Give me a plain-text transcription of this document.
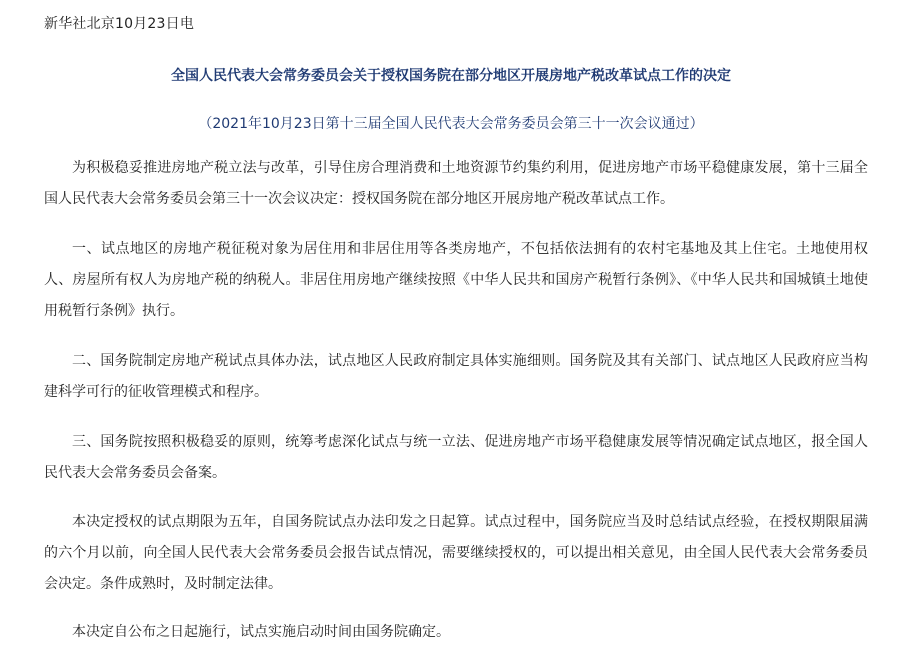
新华社北京10月23日电
全国人民代表大会常务委员会关于授权国务院在部分地区开展房地产税改革试点工作的决定
（2021年10月23日第十三届全国人民代表大会常务委员会第三十一次会议通过）

为积极稳妥推进房地产税立法与改革，引导住房合理消费和土地资源节约集约利用，促进房地产市场平稳健康发展，第十三届全国人民代表大会常务委员会第三十一次会议决定：授权国务院在部分地区开展房地产税改革试点工作。

一、试点地区的房地产税征税对象为居住用和非居住用等各类房地产，不包括依法拥有的农村宅基地及其上住宅。土地使用权人、房屋所有权人为房地产税的纳税人。非居住用房地产继续按照《中华人民共和国房产税暂行条例》、《中华人民共和国城镇土地使用税暂行条例》执行。

二、国务院制定房地产税试点具体办法，试点地区人民政府制定具体实施细则。国务院及其有关部门、试点地区人民政府应当构建科学可行的征收管理模式和程序。

三、国务院按照积极稳妥的原则，统筹考虑深化试点与统一立法、促进房地产市场平稳健康发展等情况确定试点地区，报全国人民代表大会常务委员会备案。

本决定授权的试点期限为五年，自国务院试点办法印发之日起算。试点过程中，国务院应当及时总结试点经验，在授权期限届满的六个月以前，向全国人民代表大会常务委员会报告试点情况，需要继续授权的，可以提出相关意见，由全国人民代表大会常务委员会决定。条件成熟时，及时制定法律。

本决定自公布之日起施行，试点实施启动时间由国务院确定。
